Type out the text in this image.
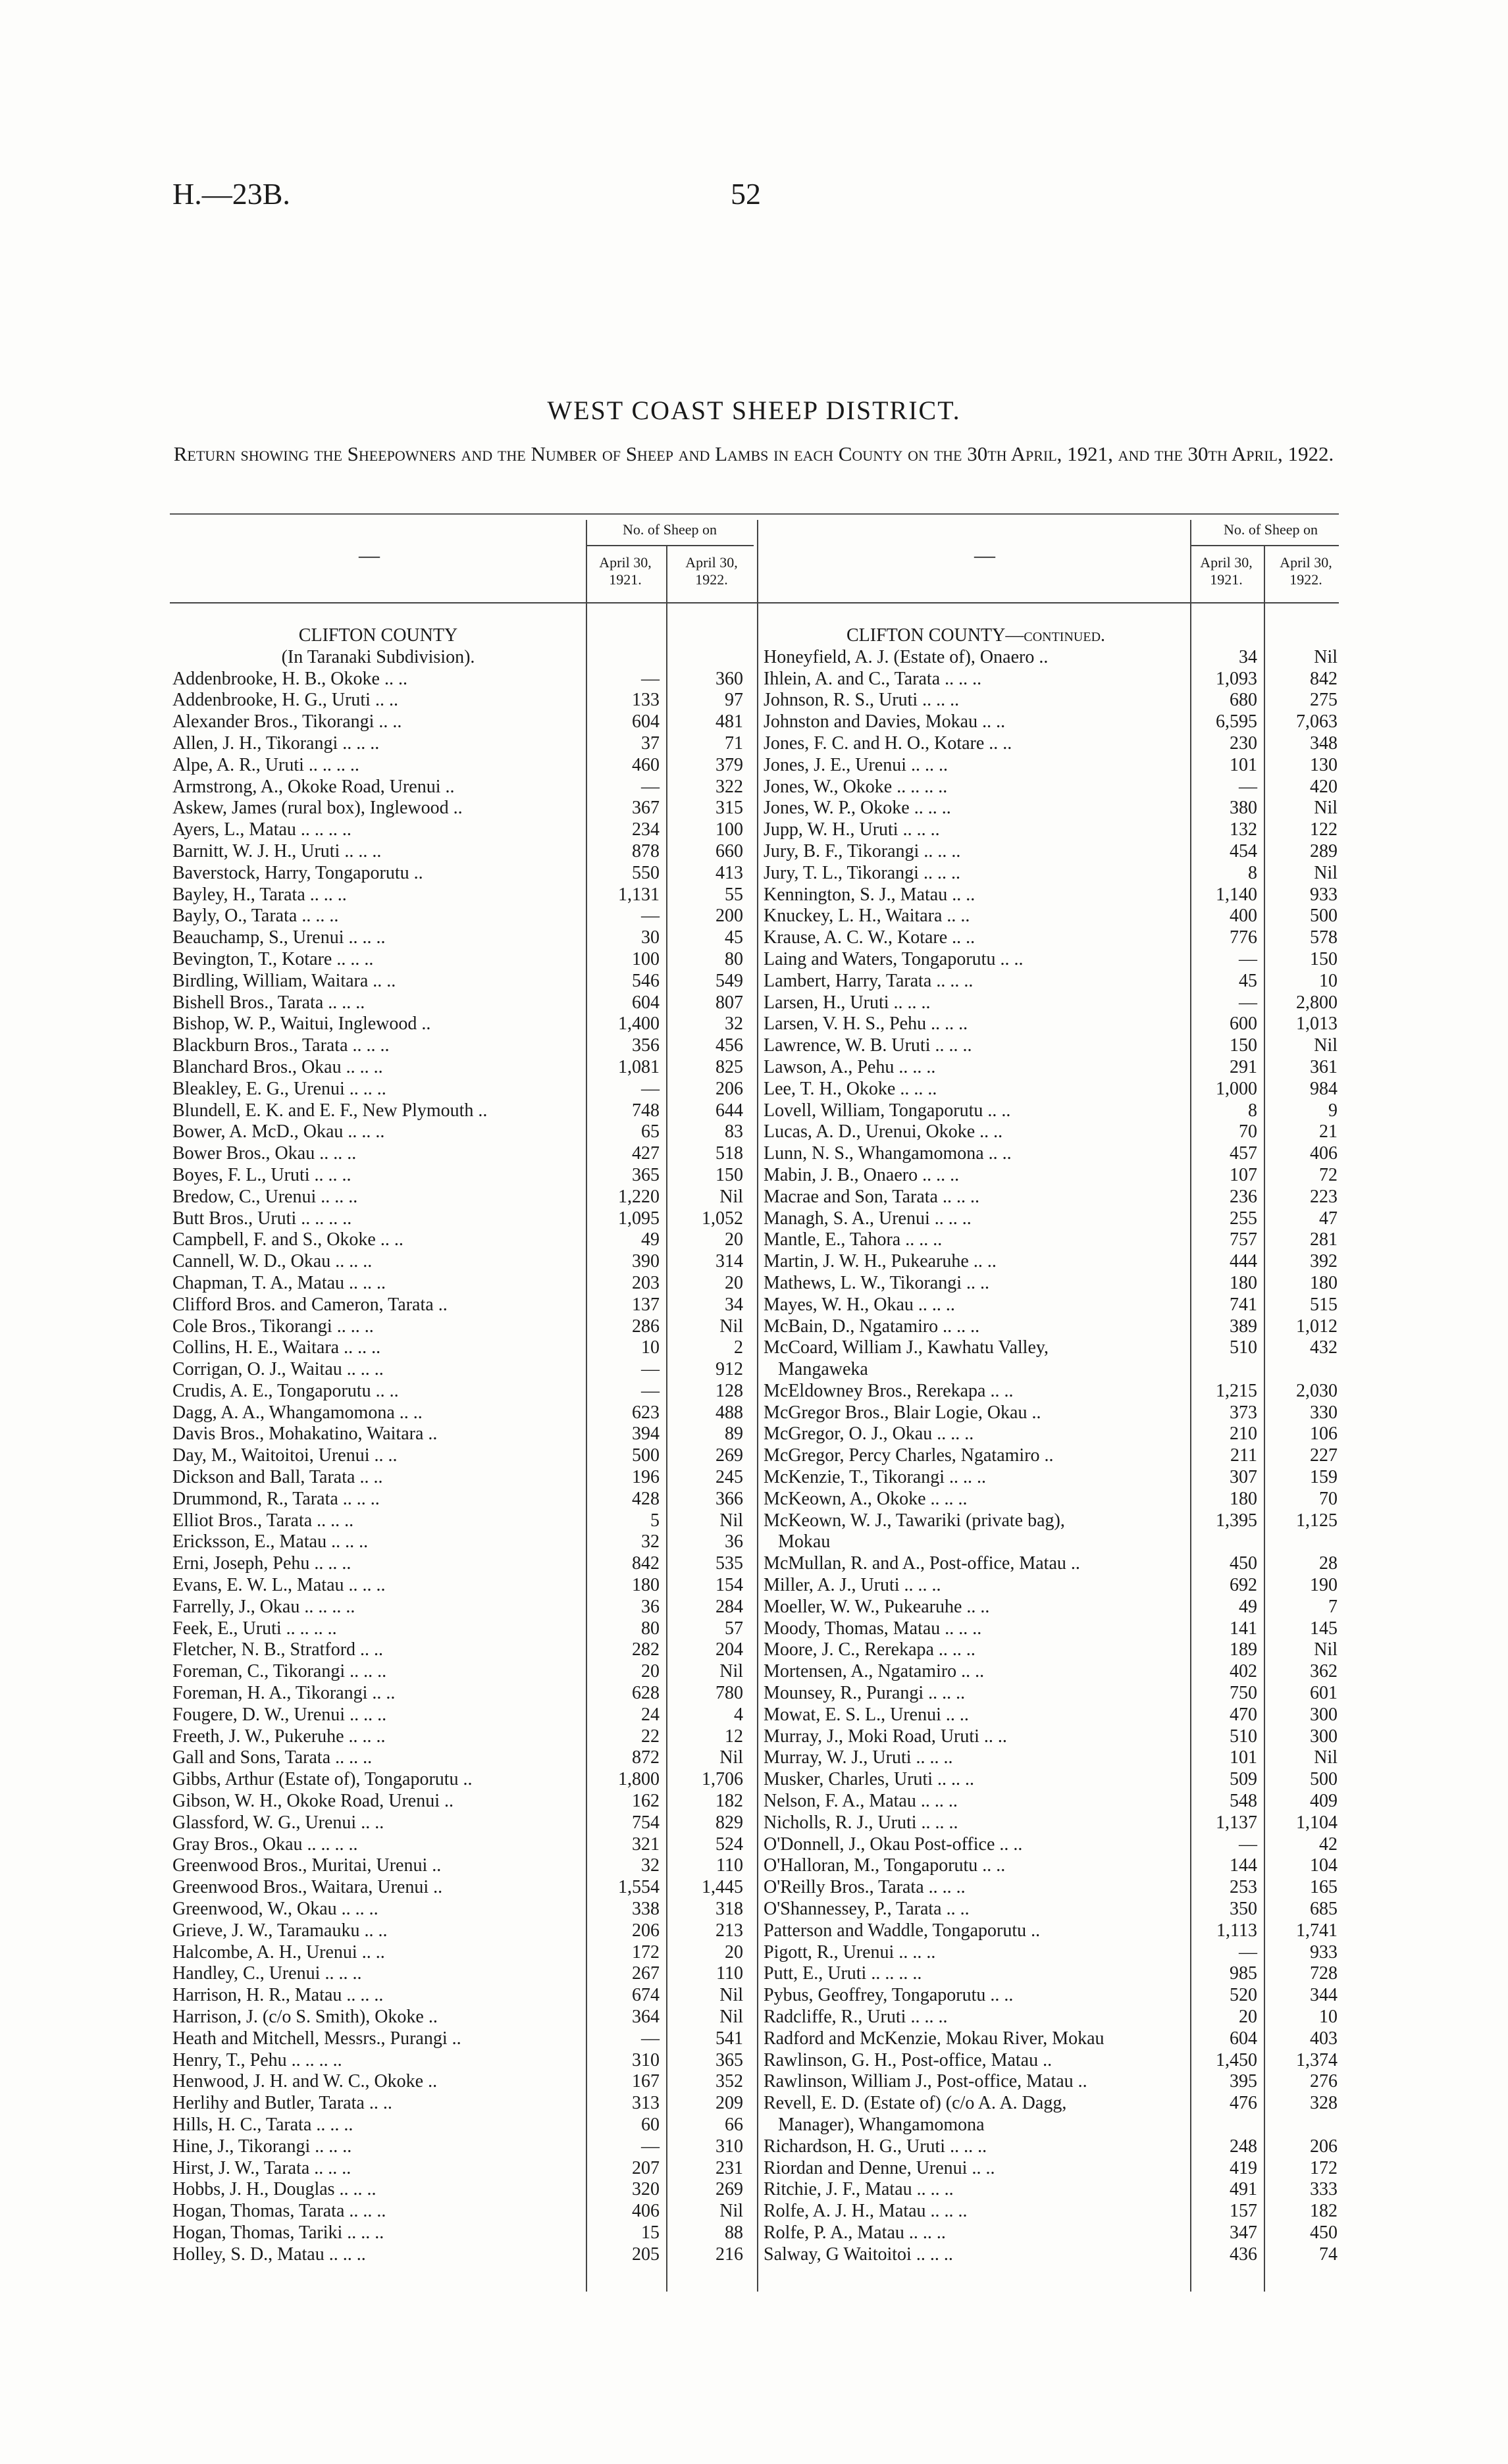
H.—23B.	52
WEST COAST SHEEP DISTRICT.
Return showing the Sheepowners and the Number of Sheep and Lambs in each County on the 30th April, 1921, and the 30th April, 1922.
—
No. of Sheep on
April 30, 1921.
April 30, 1922.
—
No. of Sheep on
April 30, 1921.
April 30, 1922.
CLIFTON COUNTY
(In Taranaki Subdivision).
Addenbrooke, H. B., Okoke .. ..	—	360
Addenbrooke, H. G., Uruti .. ..	133	97
Alexander Bros., Tikorangi .. ..	604	481
Allen, J. H., Tikorangi .. .. ..	37	71
Alpe, A. R., Uruti .. .. .. ..	460	379
Armstrong, A., Okoke Road, Urenui ..	—	322
Askew, James (rural box), Inglewood ..	367	315
Ayers, L., Matau .. .. .. ..	234	100
Barnitt, W. J. H., Uruti .. .. ..	878	660
Baverstock, Harry, Tongaporutu ..	550	413
Bayley, H., Tarata .. .. ..	1,131	55
Bayly, O., Tarata .. .. ..	—	200
Beauchamp, S., Urenui .. .. ..	30	45
Bevington, T., Kotare .. .. ..	100	80
Birdling, William, Waitara .. ..	546	549
Bishell Bros., Tarata .. .. ..	604	807
Bishop, W. P., Waitui, Inglewood ..	1,400	32
Blackburn Bros., Tarata .. .. ..	356	456
Blanchard Bros., Okau .. .. ..	1,081	825
Bleakley, E. G., Urenui .. .. ..	—	206
Blundell, E. K. and E. F., New Plymouth ..	748	644
Bower, A. McD., Okau .. .. ..	65	83
Bower Bros., Okau .. .. ..	427	518
Boyes, F. L., Uruti .. .. ..	365	150
Bredow, C., Urenui .. .. ..	1,220	Nil
Butt Bros., Uruti .. .. .. ..	1,095	1,052
Campbell, F. and S., Okoke .. ..	49	20
Cannell, W. D., Okau .. .. ..	390	314
Chapman, T. A., Matau .. .. ..	203	20
Clifford Bros. and Cameron, Tarata ..	137	34
Cole Bros., Tikorangi .. .. ..	286	Nil
Collins, H. E., Waitara .. .. ..	10	2
Corrigan, O. J., Waitau .. .. ..	—	912
Crudis, A. E., Tongaporutu .. ..	—	128
Dagg, A. A., Whangamomona .. ..	623	488
Davis Bros., Mohakatino, Waitara ..	394	89
Day, M., Waitoitoi, Urenui .. ..	500	269
Dickson and Ball, Tarata .. ..	196	245
Drummond, R., Tarata .. .. ..	428	366
Elliot Bros., Tarata .. .. ..	5	Nil
Ericksson, E., Matau .. .. ..	32	36
Erni, Joseph, Pehu .. .. ..	842	535
Evans, E. W. L., Matau .. .. ..	180	154
Farrelly, J., Okau .. .. .. ..	36	284
Feek, E., Uruti .. .. .. ..	80	57
Fletcher, N. B., Stratford .. ..	282	204
Foreman, C., Tikorangi .. .. ..	20	Nil
Foreman, H. A., Tikorangi .. ..	628	780
Fougere, D. W., Urenui .. .. ..	24	4
Freeth, J. W., Pukeruhe .. .. ..	22	12
Gall and Sons, Tarata .. .. ..	872	Nil
Gibbs, Arthur (Estate of), Tongaporutu ..	1,800	1,706
Gibson, W. H., Okoke Road, Urenui ..	162	182
Glassford, W. G., Urenui .. ..	754	829
Gray Bros., Okau .. .. .. ..	321	524
Greenwood Bros., Muritai, Urenui ..	32	110
Greenwood Bros., Waitara, Urenui ..	1,554	1,445
Greenwood, W., Okau .. .. ..	338	318
Grieve, J. W., Taramauku .. ..	206	213
Halcombe, A. H., Urenui .. ..	172	20
Handley, C., Urenui .. .. ..	267	110
Harrison, H. R., Matau .. .. ..	674	Nil
Harrison, J. (c/o S. Smith), Okoke ..	364	Nil
Heath and Mitchell, Messrs., Purangi ..	—	541
Henry, T., Pehu .. .. .. ..	310	365
Henwood, J. H. and W. C., Okoke ..	167	352
Herlihy and Butler, Tarata .. ..	313	209
Hills, H. C., Tarata .. .. ..	60	66
Hine, J., Tikorangi .. .. ..	—	310
Hirst, J. W., Tarata .. .. ..	207	231
Hobbs, J. H., Douglas .. .. ..	320	269
Hogan, Thomas, Tarata .. .. ..	406	Nil
Hogan, Thomas, Tariki .. .. ..	15	88
Holley, S. D., Matau .. .. ..	205	216
CLIFTON COUNTY—continued.
Honeyfield, A. J. (Estate of), Onaero ..	34	Nil
Ihlein, A. and C., Tarata .. .. ..	1,093	842
Johnson, R. S., Uruti .. .. ..	680	275
Johnston and Davies, Mokau .. ..	6,595	7,063
Jones, F. C. and H. O., Kotare .. ..	230	348
Jones, J. E., Urenui .. .. ..	101	130
Jones, W., Okoke .. .. .. ..	—	420
Jones, W. P., Okoke .. .. ..	380	Nil
Jupp, W. H., Uruti .. .. ..	132	122
Jury, B. F., Tikorangi .. .. ..	454	289
Jury, T. L., Tikorangi .. .. ..	8	Nil
Kennington, S. J., Matau .. ..	1,140	933
Knuckey, L. H., Waitara .. ..	400	500
Krause, A. C. W., Kotare .. ..	776	578
Laing and Waters, Tongaporutu .. ..	—	150
Lambert, Harry, Tarata .. .. ..	45	10
Larsen, H., Uruti .. .. ..	—	2,800
Larsen, V. H. S., Pehu .. .. ..	600	1,013
Lawrence, W. B. Uruti .. .. ..	150	Nil
Lawson, A., Pehu .. .. ..	291	361
Lee, T. H., Okoke .. .. ..	1,000	984
Lovell, William, Tongaporutu .. ..	8	9
Lucas, A. D., Urenui, Okoke .. ..	70	21
Lunn, N. S., Whangamomona .. ..	457	406
Mabin, J. B., Onaero .. .. ..	107	72
Macrae and Son, Tarata .. .. ..	236	223
Managh, S. A., Urenui .. .. ..	255	47
Mantle, E., Tahora .. .. ..	757	281
Martin, J. W. H., Pukearuhe .. ..	444	392
Mathews, L. W., Tikorangi .. ..	180	180
Mayes, W. H., Okau .. .. ..	741	515
McBain, D., Ngatamiro .. .. ..	389	1,012
McCoard, William J., Kawhatu Valley,	510	432
Mangaweka
McEldowney Bros., Rerekapa .. ..	1,215	2,030
McGregor Bros., Blair Logie, Okau ..	373	330
McGregor, O. J., Okau .. .. ..	210	106
McGregor, Percy Charles, Ngatamiro ..	211	227
McKenzie, T., Tikorangi .. .. ..	307	159
McKeown, A., Okoke .. .. ..	180	70
McKeown, W. J., Tawariki (private bag),	1,395	1,125
Mokau
McMullan, R. and A., Post-office, Matau ..	450	28
Miller, A. J., Uruti .. .. ..	692	190
Moeller, W. W., Pukearuhe .. ..	49	7
Moody, Thomas, Matau .. .. ..	141	145
Moore, J. C., Rerekapa .. .. ..	189	Nil
Mortensen, A., Ngatamiro .. ..	402	362
Mounsey, R., Purangi .. .. ..	750	601
Mowat, E. S. L., Urenui .. ..	470	300
Murray, J., Moki Road, Uruti .. ..	510	300
Murray, W. J., Uruti .. .. ..	101	Nil
Musker, Charles, Uruti .. .. ..	509	500
Nelson, F. A., Matau .. .. ..	548	409
Nicholls, R. J., Uruti .. .. ..	1,137	1,104
O'Donnell, J., Okau Post-office .. ..	—	42
O'Halloran, M., Tongaporutu .. ..	144	104
O'Reilly Bros., Tarata .. .. ..	253	165
O'Shannessey, P., Tarata .. ..	350	685
Patterson and Waddle, Tongaporutu ..	1,113	1,741
Pigott, R., Urenui .. .. ..	—	933
Putt, E., Uruti .. .. .. ..	985	728
Pybus, Geoffrey, Tongaporutu .. ..	520	344
Radcliffe, R., Uruti .. .. ..	20	10
Radford and McKenzie, Mokau River, Mokau	604	403
Rawlinson, G. H., Post-office, Matau ..	1,450	1,374
Rawlinson, William J., Post-office, Matau ..	395	276
Revell, E. D. (Estate of) (c/o A. A. Dagg,	476	328
Manager), Whangamomona
Richardson, H. G., Uruti .. .. ..	248	206
Riordan and Denne, Urenui .. ..	419	172
Ritchie, J. F., Matau .. .. ..	491	333
Rolfe, A. J. H., Matau .. .. ..	157	182
Rolfe, P. A., Matau .. .. ..	347	450
Salway, G Waitoitoi .. .. ..	436	74
